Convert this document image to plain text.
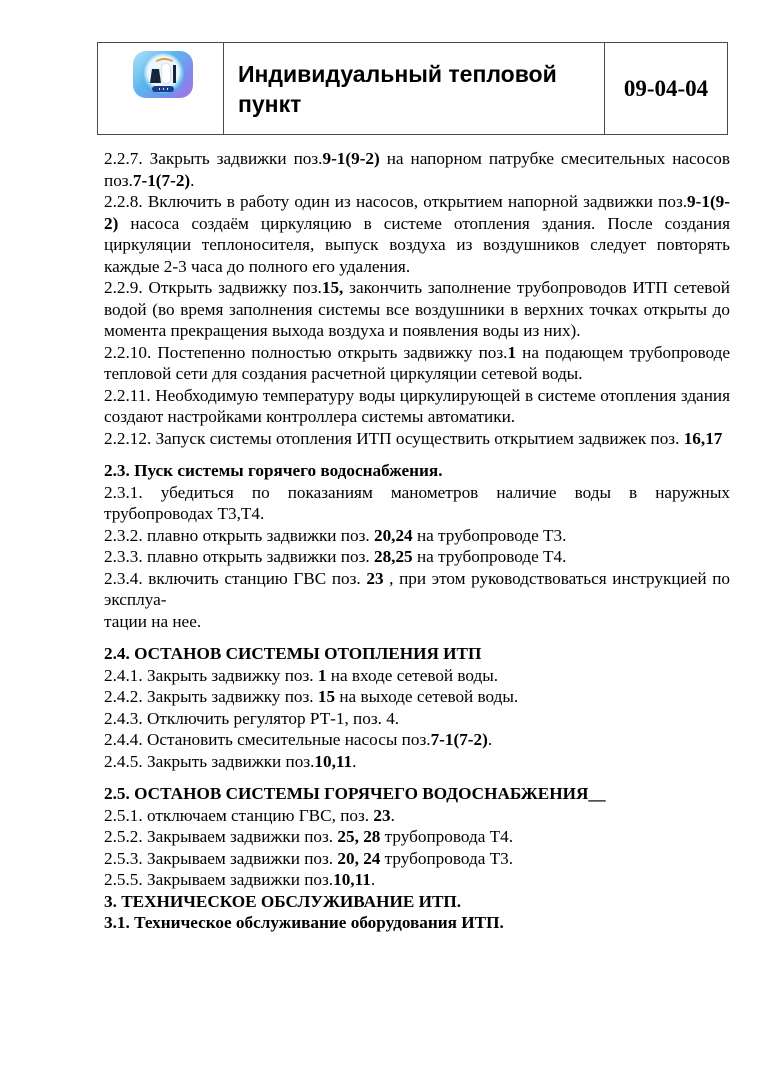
Индивидуальный тепловой пункт
09-04-04

2.2.7. Закрыть задвижки поз.9-1(9-2) на напорном патрубке смесительных насосов поз.7-1(7-2).

2.2.8. Включить в работу один из насосов, открытием напорной задвижки поз.9-1(9-2) насоса создаём циркуляцию в системе отопления здания. После создания циркуляции теплоносителя, выпуск воздуха из воздушников следует повторять каждые 2-3 часа до полного его удаления.

2.2.9. Открыть задвижку поз.15, закончить заполнение трубопроводов ИТП сетевой водой (во время заполнения системы все воздушники в верхних точках открыты до момента прекращения выхода воздуха и появления воды из них).

2.2.10. Постепенно полностью открыть задвижку поз.1 на подающем трубопроводе тепловой сети для создания расчетной циркуляции сетевой воды.

2.2.11. Необходимую температуру воды циркулирующей в системе отопления здания создают настройками контроллера системы автоматики.

2.2.12. Запуск системы отопления ИТП осуществить открытием задвижек поз. 16,17

2.3. Пуск системы горячего водоснабжения.

2.3.1. убедиться по показаниям манометров наличие воды в наружных трубопроводах Т3,Т4.

2.3.2. плавно открыть задвижки поз. 20,24 на трубопроводе Т3.

2.3.3. плавно открыть задвижки поз. 28,25 на трубопроводе Т4.

2.3.4. включить станцию ГВС поз. 23 , при этом руководствоваться инструкцией по эксплуа-
тации на нее.

2.4. ОСТАНОВ СИСТЕМЫ ОТОПЛЕНИЯ ИТП

2.4.1. Закрыть задвижку поз. 1 на входе сетевой воды.

2.4.2. Закрыть задвижку поз. 15 на выходе сетевой воды.

2.4.3. Отключить регулятор РТ-1, поз. 4.

2.4.4. Остановить смесительные насосы поз.7-1(7-2).

2.4.5. Закрыть задвижки поз.10,11.

2.5. ОСТАНОВ СИСТЕМЫ ГОРЯЧЕГО ВОДОСНАБЖЕНИЯ__

2.5.1. отключаем станцию ГВС, поз. 23.

2.5.2. Закрываем задвижки поз. 25, 28 трубопровода Т4.

2.5.3. Закрываем задвижки поз. 20, 24 трубопровода Т3.

2.5.5. Закрываем задвижки поз.10,11.

3. ТЕХНИЧЕСКОЕ ОБСЛУЖИВАНИЕ ИТП.

3.1. Техническое обслуживание оборудования ИТП.
